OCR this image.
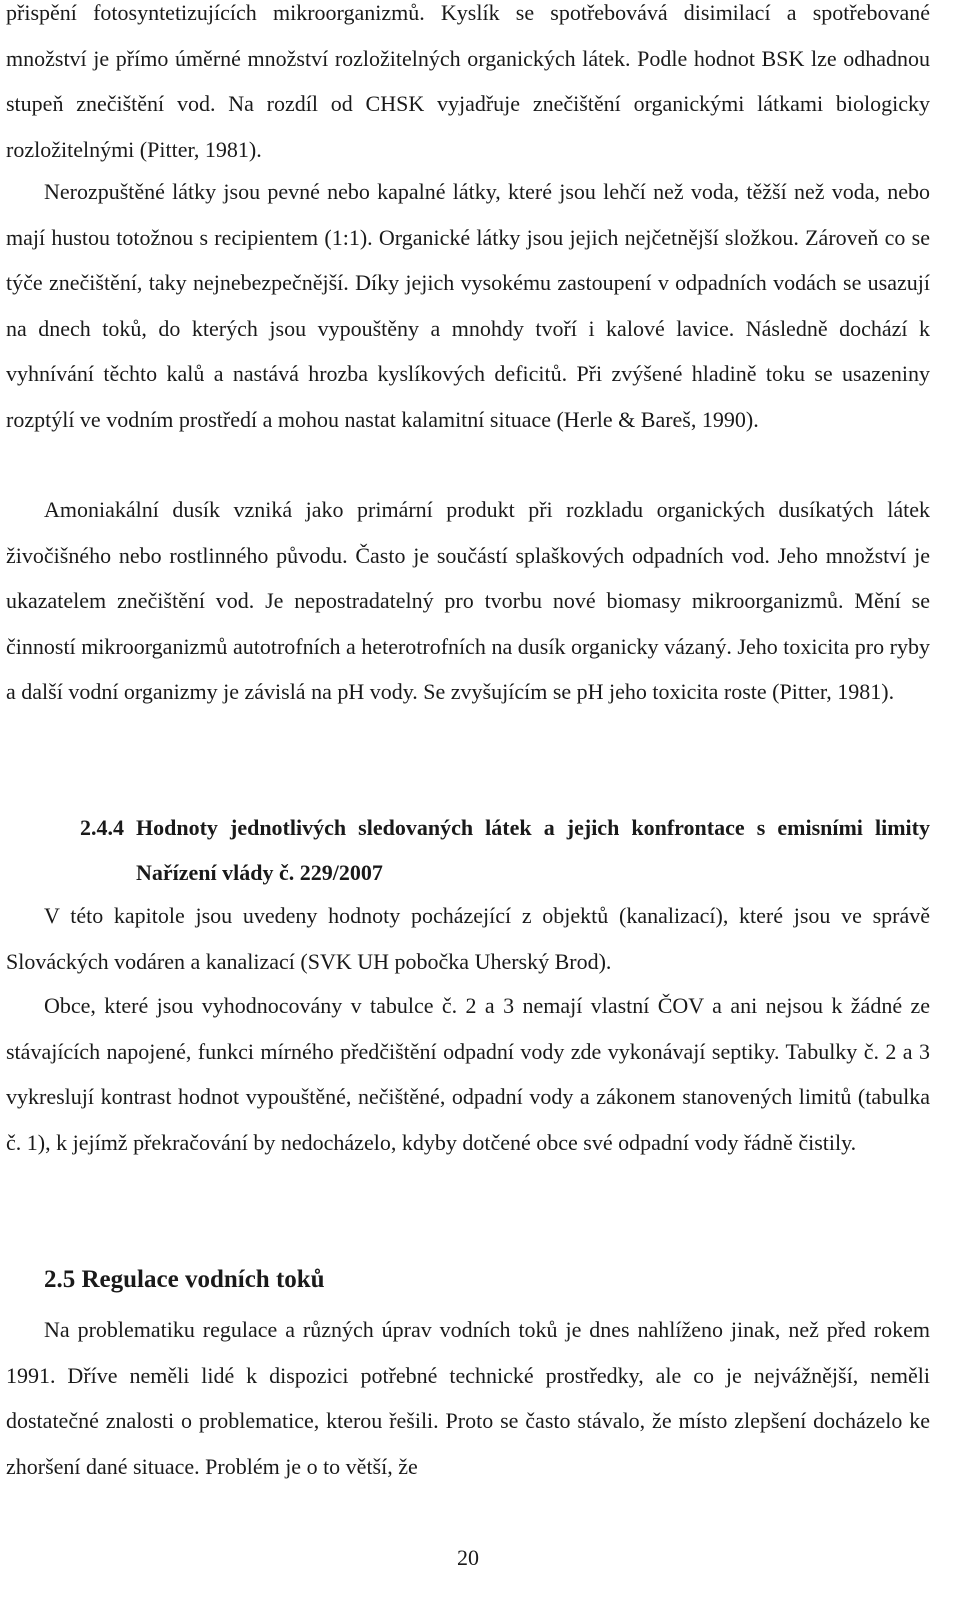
přispění fotosyntetizujících mikroorganizmů. Kyslík se spotřebovává disimilací a spotřebované množství je přímo úměrné množství rozložitelných organických látek. Podle hodnot BSK lze odhadnou stupeň znečištění vod. Na rozdíl od CHSK vyjadřuje znečištění organickými látkami biologicky rozložitelnými (Pitter, 1981).

Nerozpuštěné látky jsou pevné nebo kapalné látky, které jsou lehčí než voda, těžší než voda, nebo mají hustou totožnou s recipientem (1:1). Organické látky jsou jejich nejčetnější složkou. Zároveň co se týče znečištění, taky nejnebezpečnější. Díky jejich vysokému zastoupení v odpadních vodách se usazují na dnech toků, do kterých jsou vypouštěny a mnohdy tvoří i kalové lavice. Následně dochází k vyhnívání těchto kalů a nastává hrozba kyslíkových deficitů. Při zvýšené hladině toku se usazeniny rozptýlí ve vodním prostředí a mohou nastat kalamitní situace (Herle & Bareš, 1990).

Amoniakální dusík vzniká jako primární produkt při rozkladu organických dusíkatých látek živočišného nebo rostlinného původu. Často je součástí splaškových odpadních vod. Jeho množství je ukazatelem znečištění vod. Je nepostradatelný pro tvorbu nové biomasy mikroorganizmů. Mění se činností mikroorganizmů autotrofních a heterotrofních na dusík organicky vázaný. Jeho toxicita pro ryby a další vodní organizmy je závislá na pH vody. Se zvyšujícím se pH jeho toxicita roste (Pitter, 1981).

2.4.4 Hodnoty jednotlivých sledovaných látek a jejich konfrontace s emisními limity Nařízení vlády č. 229/2007

V této kapitole jsou uvedeny hodnoty pocházející z objektů (kanalizací), které jsou ve správě Slováckých vodáren a kanalizací (SVK UH pobočka Uherský Brod).

Obce, které jsou vyhodnocovány v tabulce č. 2 a 3 nemají vlastní ČOV a ani nejsou k žádné ze stávajících napojené, funkci mírného předčištění odpadní vody zde vykonávají septiky. Tabulky č. 2 a 3 vykreslují kontrast hodnot vypouštěné, nečištěné, odpadní vody a zákonem stanovených limitů (tabulka č. 1), k jejímž překračování by nedocházelo, kdyby dotčené obce své odpadní vody řádně čistily.

2.5 Regulace vodních toků

Na problematiku regulace a různých úprav vodních toků je dnes nahlíženo jinak, než před rokem 1991. Dříve neměli lidé k dispozici potřebné technické prostředky, ale co je nejvážnější, neměli dostatečné znalosti o problematice, kterou řešili. Proto se často stávalo, že místo zlepšení docházelo ke zhoršení dané situace. Problém je o to větší, že

20
